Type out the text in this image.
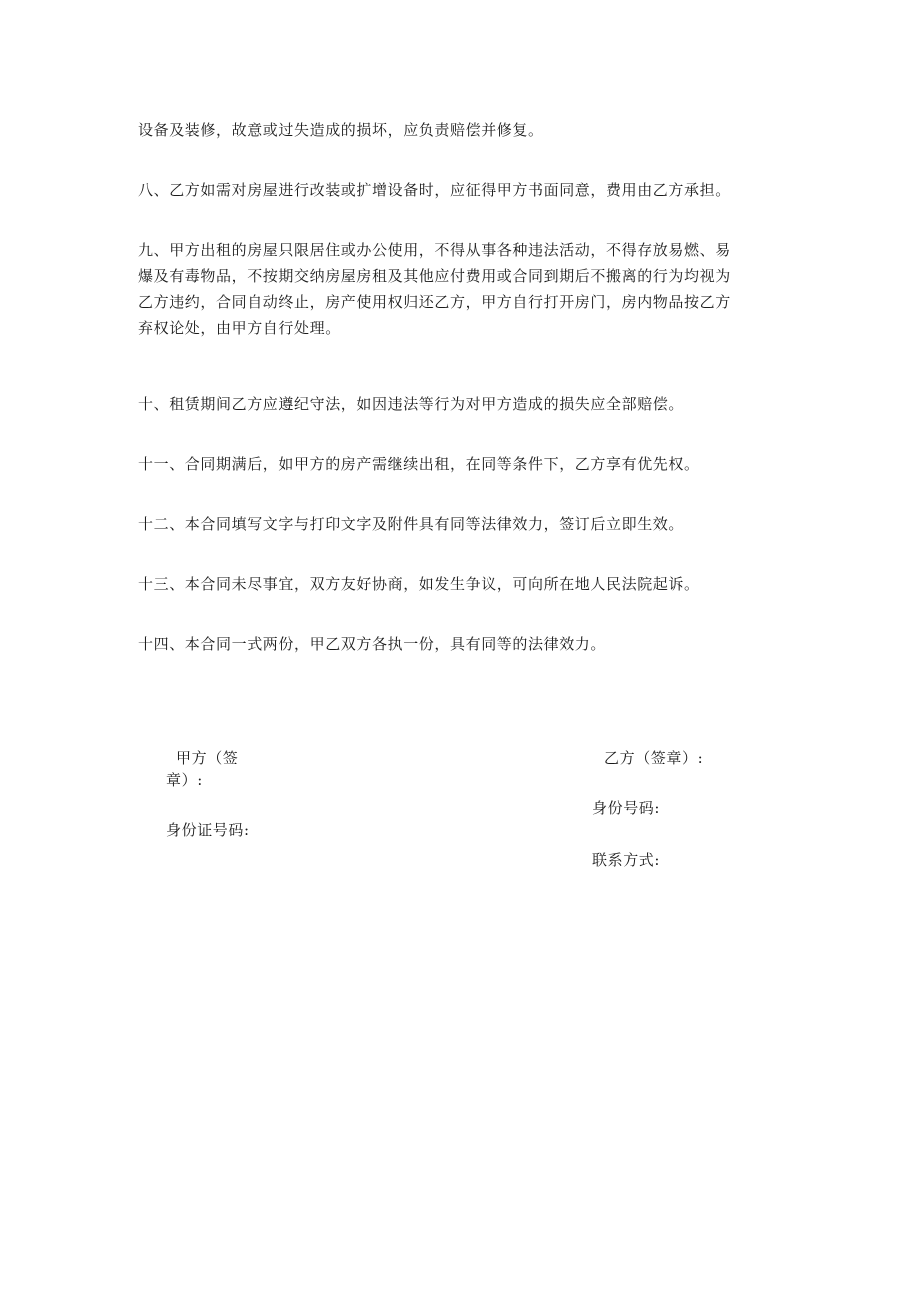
设备及装修，故意或过失造成的损坏，应负责赔偿并修复。

八、乙方如需对房屋进行改装或扩增设备时，应征得甲方书面同意，费用由乙方承担。

九、甲方出租的房屋只限居住或办公使用，不得从事各种违法活动，不得存放易燃、易
爆及有毒物品，不按期交纳房屋房租及其他应付费用或合同到期后不搬离的行为均视为
乙方违约，合同自动终止，房产使用权归还乙方，甲方自行打开房门，房内物品按乙方
弃权论处，由甲方自行处理。

十、租赁期间乙方应遵纪守法，如因违法等行为对甲方造成的损失应全部赔偿。

十一、合同期满后，如甲方的房产需继续出租，在同等条件下，乙方享有优先权。

十二、本合同填写文字与打印文字及附件具有同等法律效力，签订后立即生效。

十三、本合同未尽事宜，双方友好协商，如发生争议，可向所在地人民法院起诉。

十四、本合同一式两份，甲乙双方各执一份，具有同等的法律效力。

甲方（签

章）:

身份证号码:

乙方（签章）:

身份号码:

联系方式:
